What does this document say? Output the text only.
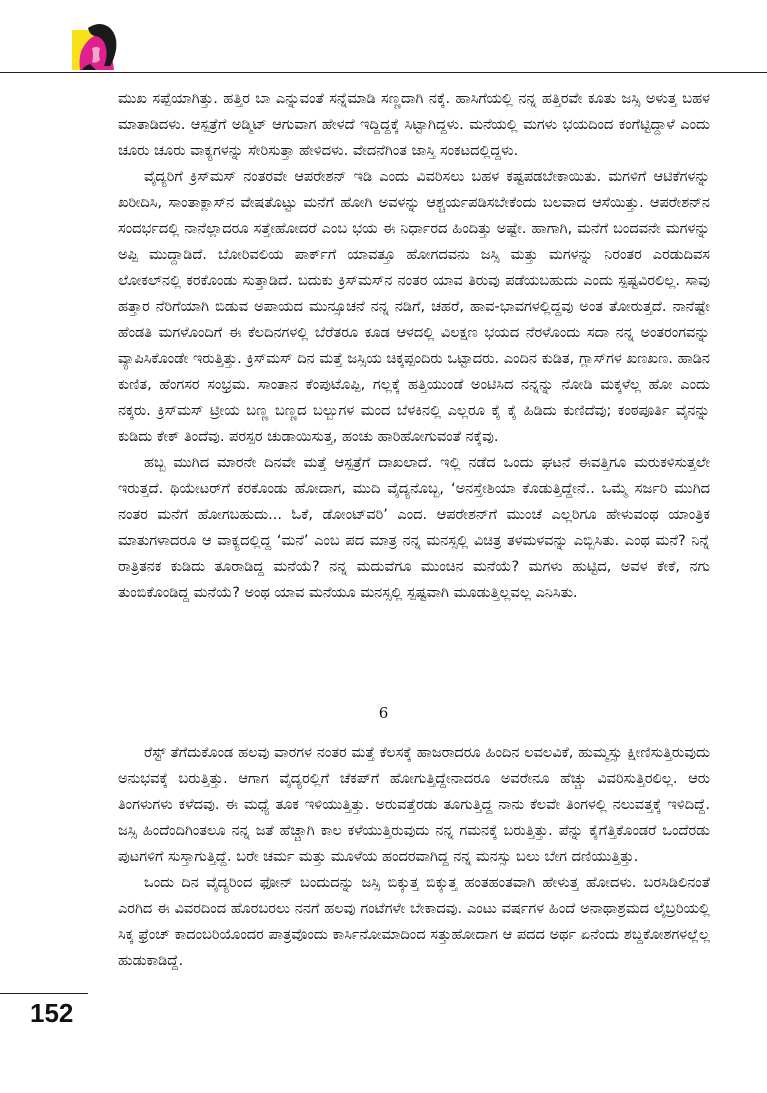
ಮುಖ ಸಪ್ಪೆಯಾಗಿತ್ತು. ಹತ್ತಿರ ಬಾ ಎನ್ನುವಂತೆ ಸನ್ನೆಮಾಡಿ ಸಣ್ಣದಾಗಿ ನಕ್ಕೆ. ಹಾಸಿಗೆಯಲ್ಲಿ ನನ್ನ ಹತ್ತಿರವೇ ಕೂತು ಜಸ್ಸಿ ಅಳುತ್ತ ಬಹಳ ಮಾತಾಡಿದಳು. ಆಸ್ಪತ್ರೆಗೆ ಅಡ್ಮಿಟ್ ಆಗುವಾಗ ಹೇಳದೆ ಇದ್ದಿದ್ದಕ್ಕೆ ಸಿಟ್ಟಾಗಿದ್ದಳು. ಮನೆಯಲ್ಲಿ ಮಗಳು ಭಯದಿಂದ ಕಂಗೆಟ್ಟಿದ್ದಾಳೆ ಎಂದು ಚೂರು ಚೂರು ವಾಕ್ಯಗಳನ್ನು ಸೇರಿಸುತ್ತಾ ಹೇಳಿದಳು. ವೇದನೆಗಿಂತ ಜಾಸ್ತಿ ಸಂಕಟದಲ್ಲಿದ್ದಳು.

ವೈದ್ಯರಿಗೆ ಕ್ರಿಸ್‌ಮಸ್ ನಂತರವೇ ಆಪರೇಶನ್ ಇಡಿ ಎಂದು ವಿವರಿಸಲು ಬಹಳ ಕಷ್ಟಪಡಬೇಕಾಯಿತು. ಮಗಳಿಗೆ ಆಟಿಕೆಗಳನ್ನು ಖರೀದಿಸಿ, ಸಾಂತಾಕ್ಲಾಸ್‌ನ ವೇಷತೊಟ್ಟು ಮನೆಗೆ ಹೋಗಿ ಅವಳನ್ನು ಆಶ್ಚರ್ಯಪಡಿಸಬೇಕೆಂದು ಬಲವಾದ ಆಸೆಯಿತ್ತು. ಆಪರೇಶನ್‌ನ ಸಂದರ್ಭದಲ್ಲಿ ನಾನೆಲ್ಲಾದರೂ ಸತ್ತೇಹೋದರೆ ಎಂಬ ಭಯ ಈ ನಿರ್ಧಾರದ ಹಿಂದಿತ್ತು ಅಷ್ಟೇ. ಹಾಗಾಗಿ, ಮನೆಗೆ ಬಂದವನೇ ಮಗಳನ್ನು ಅಪ್ಪಿ ಮುದ್ದಾಡಿದೆ. ಬೋರಿವಲಿಯ ಪಾರ್ಕ್‌ಗೆ ಯಾವತ್ತೂ ಹೋಗದವನು ಜಸ್ಸಿ ಮತ್ತು ಮಗಳನ್ನು ನಿರಂತರ ಎರಡುದಿವಸ ಲೋಕಲ್‌ನಲ್ಲಿ ಕರಕೊಂಡು ಸುತ್ತಾಡಿದೆ. ಬದುಕು ಕ್ರಿಸ್‌ಮಸ್‌ನ ನಂತರ ಯಾವ ತಿರುವು ಪಡೆಯಬಹುದು ಎಂದು ಸ್ಪಷ್ಟವಿರಲಿಲ್ಲ. ಸಾವು ಹತ್ತಾರ ನೆರಿಗೆಯಾಗಿ ಬಿಡುವ ಅಪಾಯದ ಮುನ್ಸೂಚನೆ ನನ್ನ ನಡಿಗೆ, ಚಹರೆ, ಹಾವ-ಭಾವಗಳಲ್ಲಿದ್ದವು ಅಂತ ತೋರುತ್ತದೆ. ನಾನೆಷ್ಟೇ ಹೆಂಡತಿ ಮಗಳೊಂದಿಗೆ ಈ ಕೆಲದಿನಗಳಲ್ಲಿ ಬೆರೆತರೂ ಕೂಡ ಆಳದಲ್ಲಿ ವಿಲಕ್ಷಣ ಭಯದ ನೆರಳೊಂದು ಸದಾ ನನ್ನ ಅಂತರಂಗವನ್ನು ವ್ಯಾಪಿಸಿಕೊಂಡೇ ಇರುತ್ತಿತ್ತು. ಕ್ರಿಸ್‌ಮಸ್ ದಿನ ಮತ್ತೆ ಜಸ್ಸಿಯ ಚಿಕ್ಕಪ್ಪಂದಿರು ಒಟ್ಟಾದರು. ಎಂದಿನ ಕುಡಿತ, ಗ್ಲಾಸ್‌ಗಳ ಖಣಖಣ. ಹಾಡಿನ ಕುಣಿತ, ಹೆಂಗಸರ ಸಂಭ್ರಮ. ಸಾಂತಾನ ಕೆಂಪುಟೊಪ್ಪಿ, ಗಲ್ಲಕ್ಕೆ ಹತ್ತಿಯುಂಡೆ ಅಂಟಿಸಿದ ನನ್ನನ್ನು ನೋಡಿ ಮಕ್ಕಳೆಲ್ಲ ಹೋ ಎಂದು ನಕ್ಕರು. ಕ್ರಿಸ್‌ಮಸ್ ಟ್ರೀಯ ಬಣ್ಣ ಬಣ್ಣದ ಬಲ್ಬುಗಳ ಮಂದ ಬೆಳಕಿನಲ್ಲಿ ಎಲ್ಲರೂ ಕೈ ಕೈ ಹಿಡಿದು ಕುಣಿದೆವು; ಕಂಠಪೂರ್ತಿ ವೈನನ್ನು ಕುಡಿದು ಕೇಕ್ ತಿಂದೆವು. ಪರಸ್ಪರ ಚುಡಾಯಿಸುತ್ತ, ಹಂಚು ಹಾರಿಹೋಗುವಂತೆ ನಕ್ಕೆವು.

ಹಬ್ಬ ಮುಗಿದ ಮಾರನೇ ದಿನವೇ ಮತ್ತೆ ಆಸ್ಪತ್ರೆಗೆ ದಾಖಲಾದೆ. ಇಲ್ಲಿ ನಡೆದ ಒಂದು ಘಟನೆ ಈವತ್ತಿಗೂ ಮರುಕಳಿಸುತ್ತಲೇ ಇರುತ್ತದೆ. ಥಿಯೇಟರ್‌ಗೆ ಕರಕೊಂಡು ಹೋದಾಗ, ಮುದಿ ವೈದ್ಯನೊಬ್ಬ, ‘ಅನಸ್ತೇಶಿಯಾ ಕೊಡುತ್ತಿದ್ದೇನೆ.. ಒಮ್ಮೆ ಸರ್ಜರಿ ಮುಗಿದ ನಂತರ ಮನೆಗೆ ಹೋಗಬಹುದು... ಓಕೆ, ಡೋಂಟ್‌ವರಿ’ ಎಂದ. ಆಪರೇಶನ್‌ಗೆ ಮುಂಚೆ ಎಲ್ಲರಿಗೂ ಹೇಳುವಂಥ ಯಾಂತ್ರಿಕ ಮಾತುಗಳಾದರೂ ಆ ವಾಕ್ಯದಲ್ಲಿದ್ದ ‘ಮನೆ’ ಎಂಬ ಪದ ಮಾತ್ರ ನನ್ನ ಮನಸ್ಸಲ್ಲಿ ವಿಚಿತ್ರ ತಳಮಳವನ್ನು ಎಬ್ಬಿಸಿತು. ಎಂಥ ಮನೆ? ನಿನ್ನೆ ರಾತ್ರಿತನಕ ಕುಡಿದು ತೂರಾಡಿದ್ದ ಮನೆಯೆ? ನನ್ನ ಮದುವೆಗೂ ಮುಂಚಿನ ಮನೆಯೆ? ಮಗಳು ಹುಟ್ಟಿದ, ಅವಳ ಕೇಕೆ, ನಗು ತುಂಬಿಕೊಂಡಿದ್ದ ಮನೆಯೆ? ಅಂಥ ಯಾವ ಮನೆಯೂ ಮನಸ್ಸಲ್ಲಿ ಸ್ಪಷ್ಟವಾಗಿ ಮೂಡುತ್ತಿಲ್ಲವಲ್ಲ ಎನಿಸಿತು.

6

ರೆಸ್ಟ್ ತೆಗೆದುಕೊಂಡ ಹಲವು ವಾರಗಳ ನಂತರ ಮತ್ತೆ ಕೆಲಸಕ್ಕೆ ಹಾಜರಾದರೂ ಹಿಂದಿನ ಲವಲವಿಕೆ, ಹುಮ್ಮಸ್ಸು ಕ್ಷೀಣಿಸುತ್ತಿರುವುದು ಅನುಭವಕ್ಕೆ ಬರುತ್ತಿತ್ತು. ಆಗಾಗ ವೈದ್ಯರಲ್ಲಿಗೆ ಚೆಕಪ್‌ಗೆ ಹೋಗುತ್ತಿದ್ದೇನಾದರೂ ಅವರೇನೂ ಹೆಚ್ಚು ವಿವರಿಸುತ್ತಿರಲಿಲ್ಲ. ಆರು ತಿಂಗಳುಗಳು ಕಳೆದವು. ಈ ಮಧ್ಯೆ ತೂಕ ಇಳಿಯುತ್ತಿತ್ತು. ಅರುವತ್ತೆರಡು ತೂಗುತ್ತಿದ್ದ ನಾನು ಕೆಲವೇ ತಿಂಗಳಲ್ಲಿ ನಲುವತ್ತಕ್ಕೆ ಇಳಿದಿದ್ದೆ. ಜಸ್ಸಿ ಹಿಂದೆಂದಿಗಿಂತಲೂ ನನ್ನ ಜತೆ ಹೆಚ್ಚಾಗಿ ಕಾಲ ಕಳೆಯುತ್ತಿರುವುದು ನನ್ನ ಗಮನಕ್ಕೆ ಬರುತ್ತಿತ್ತು. ಪೆನ್ನು ಕೈಗೆತ್ತಿಕೊಂಡರೆ ಒಂದೆರಡು ಪುಟಗಳಿಗೆ ಸುಸ್ತಾಗುತ್ತಿದ್ದೆ. ಬರೇ ಚರ್ಮ ಮತ್ತು ಮೂಳೆಯ ಹಂದರವಾಗಿದ್ದ ನನ್ನ ಮನಸ್ಸು ಬಲು ಬೇಗ ದಣಿಯುತ್ತಿತ್ತು.

ಒಂದು ದಿನ ವೈದ್ಯರಿಂದ ಫೋನ್ ಬಂದುದನ್ನು ಜಸ್ಸಿ ಬಿಕ್ಕುತ್ತ ಬಿಕ್ಕುತ್ತ ಹಂತಹಂತವಾಗಿ ಹೇಳುತ್ತ ಹೋದಳು. ಬರಸಿಡಿಲಿನಂತೆ ಎರಗಿದ ಈ ವಿವರದಿಂದ ಹೊರಬರಲು ನನಗೆ ಹಲವು ಗಂಟೆಗಳೇ ಬೇಕಾದವು. ಎಂಟು ವರ್ಷಗಳ ಹಿಂದೆ ಅನಾಥಾಶ್ರಮದ ಲೈಬ್ರರಿಯಲ್ಲಿ ಸಿಕ್ಕ ಫ್ರೆಂಚ್ ಕಾದಂಬರಿಯೊಂದರ ಪಾತ್ರವೊಂದು ಕಾರ್ಸಿನೋಮಾದಿಂದ ಸತ್ತುಹೋದಾಗ ಆ ಪದದ ಅರ್ಥ ಏನೆಂದು ಶಬ್ದಕೋಶಗಳಲ್ಲೆಲ್ಲ ಹುಡುಕಾಡಿದ್ದೆ.

152
